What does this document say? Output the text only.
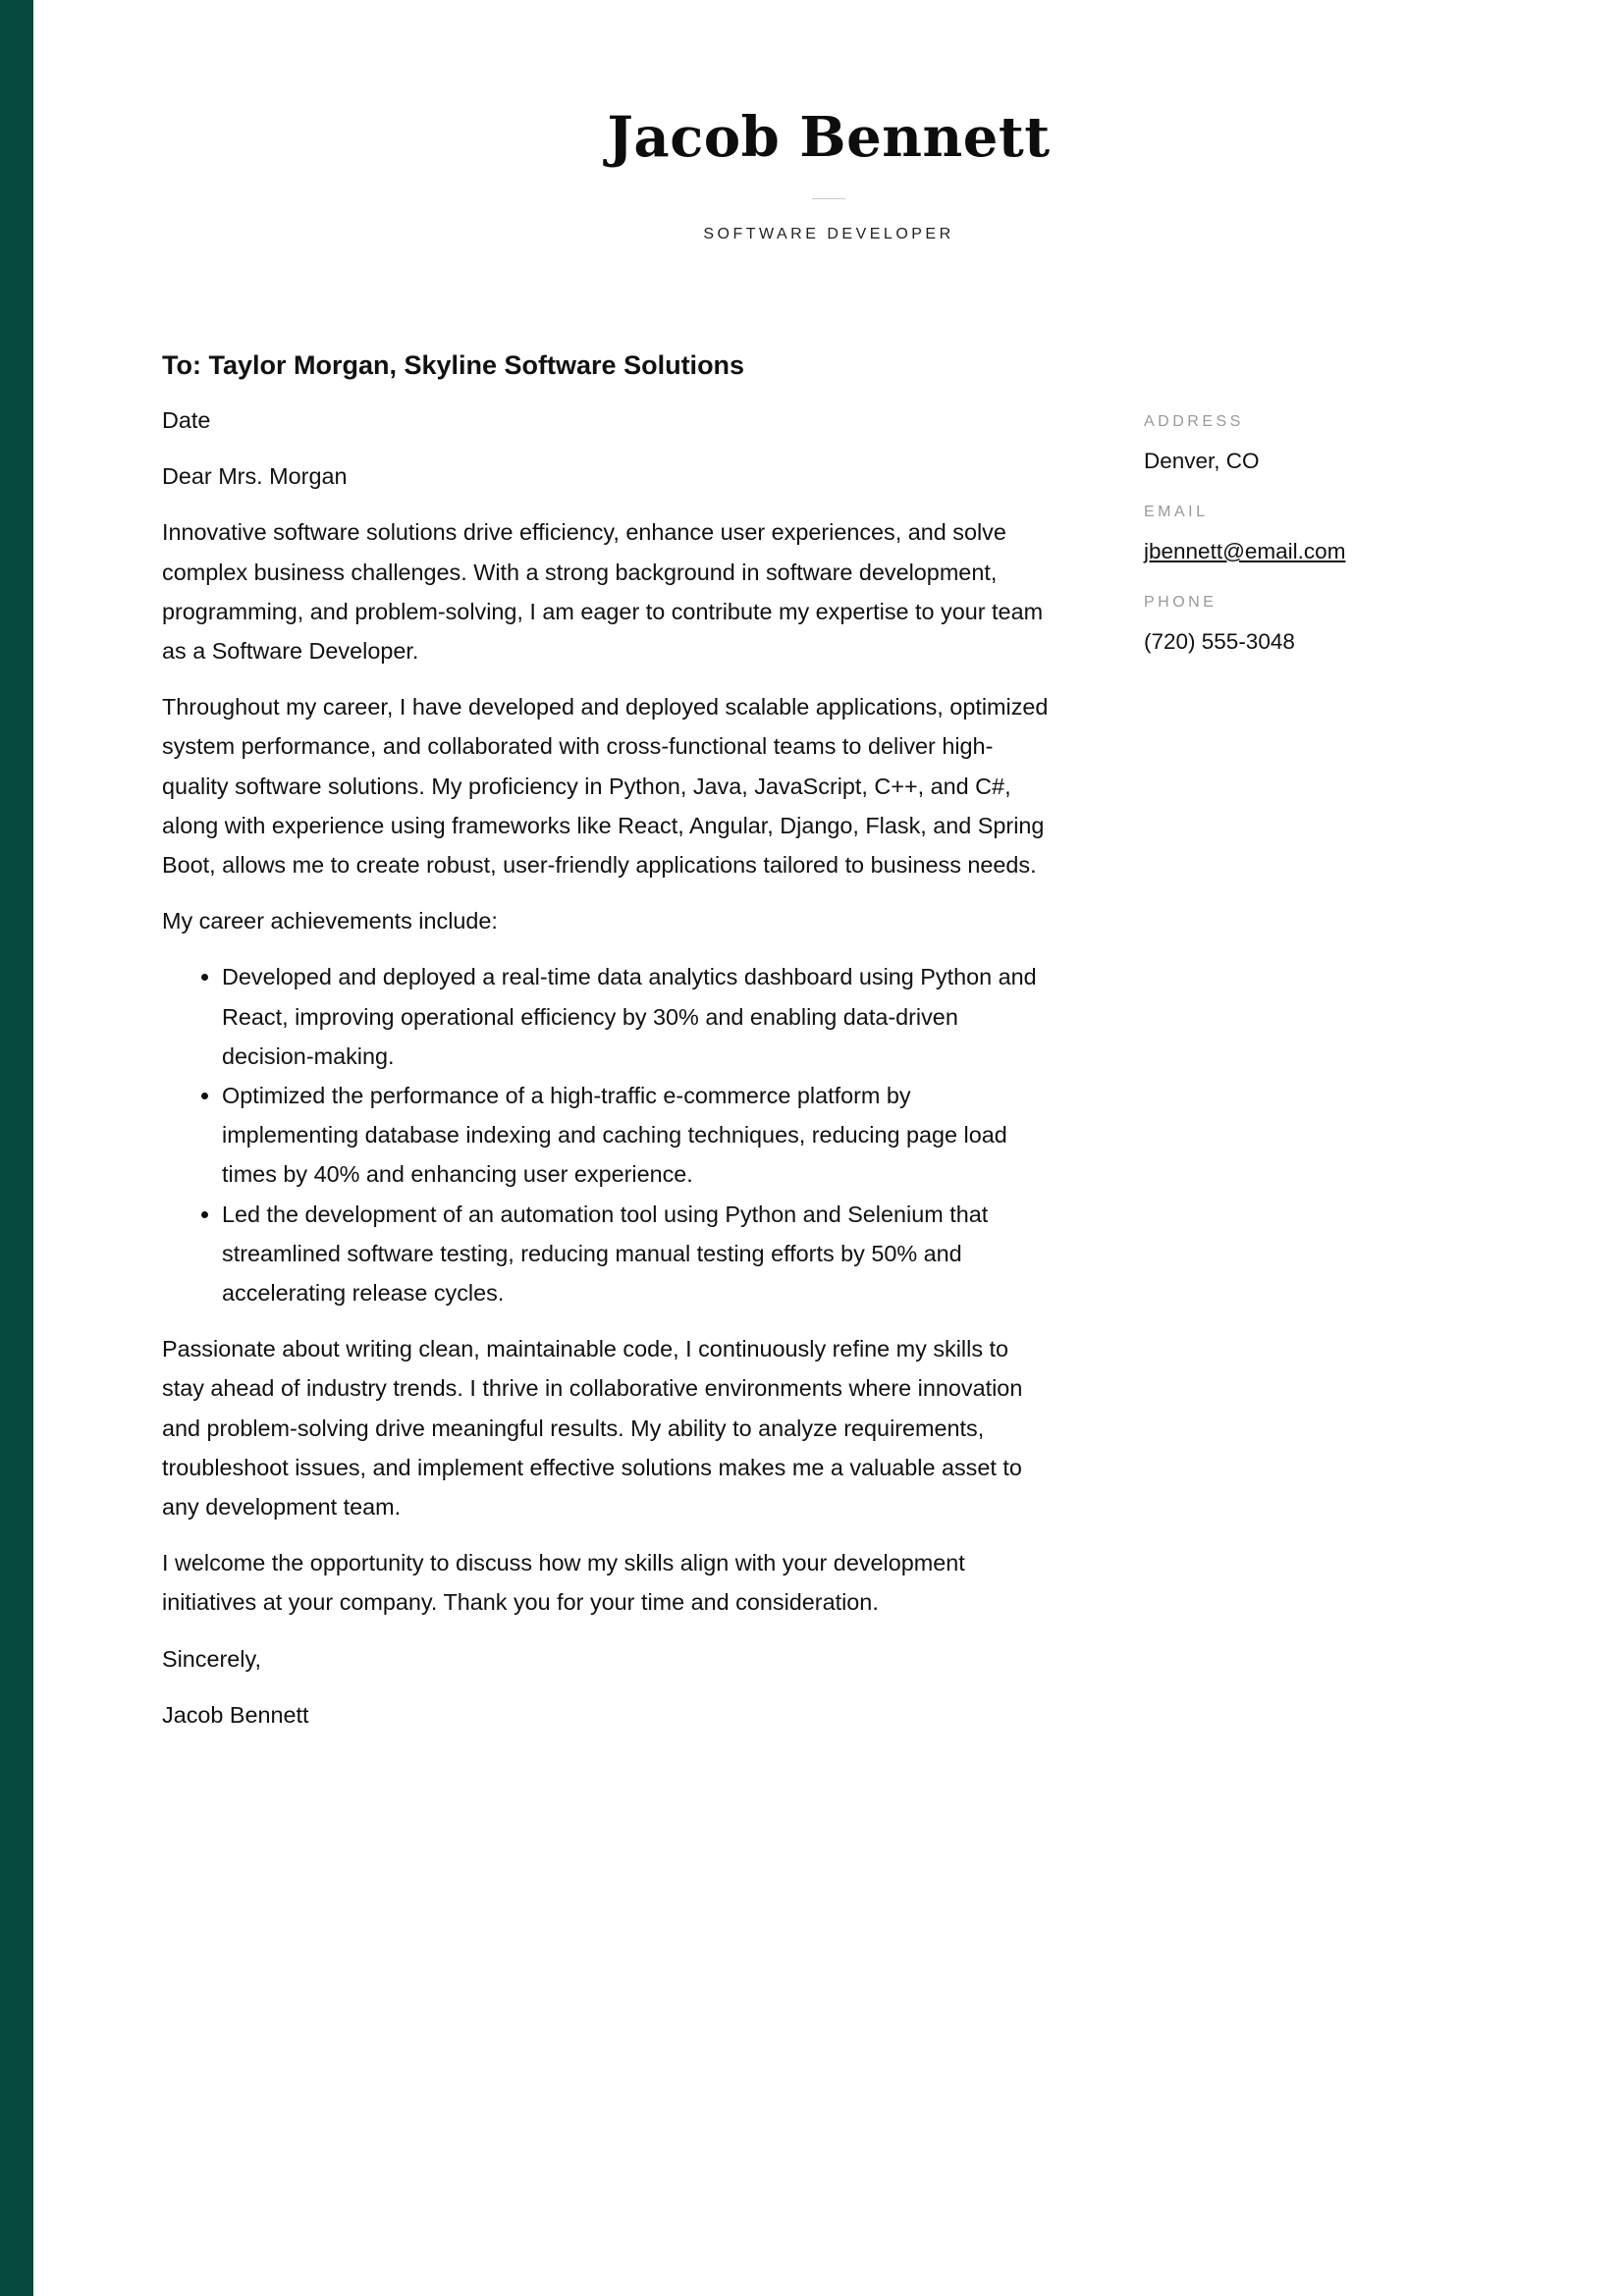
Jacob Bennett
SOFTWARE DEVELOPER
To: Taylor Morgan, Skyline Software Solutions

Date

Dear Mrs. Morgan

Innovative software solutions drive efficiency, enhance user experiences, and solve complex business challenges. With a strong background in software development, programming, and problem-solving, I am eager to contribute my expertise to your team as a Software Developer.

Throughout my career, I have developed and deployed scalable applications, optimized system performance, and collaborated with cross-functional teams to deliver high-quality software solutions. My proficiency in Python, Java, JavaScript, C++, and C#, along with experience using frameworks like React, Angular, Django, Flask, and Spring Boot, allows me to create robust, user-friendly applications tailored to business needs.

My career achievements include:

• Developed and deployed a real-time data analytics dashboard using Python and React, improving operational efficiency by 30% and enabling data-driven decision-making.
• Optimized the performance of a high-traffic e-commerce platform by implementing database indexing and caching techniques, reducing page load times by 40% and enhancing user experience.
• Led the development of an automation tool using Python and Selenium that streamlined software testing, reducing manual testing efforts by 50% and accelerating release cycles.

Passionate about writing clean, maintainable code, I continuously refine my skills to stay ahead of industry trends. I thrive in collaborative environments where innovation and problem-solving drive meaningful results. My ability to analyze requirements, troubleshoot issues, and implement effective solutions makes me a valuable asset to any development team.

I welcome the opportunity to discuss how my skills align with your development initiatives at your company. Thank you for your time and consideration.

Sincerely,

Jacob Bennett

ADDRESS
Denver, CO
EMAIL
jbennett@email.com
PHONE
(720) 555-3048
